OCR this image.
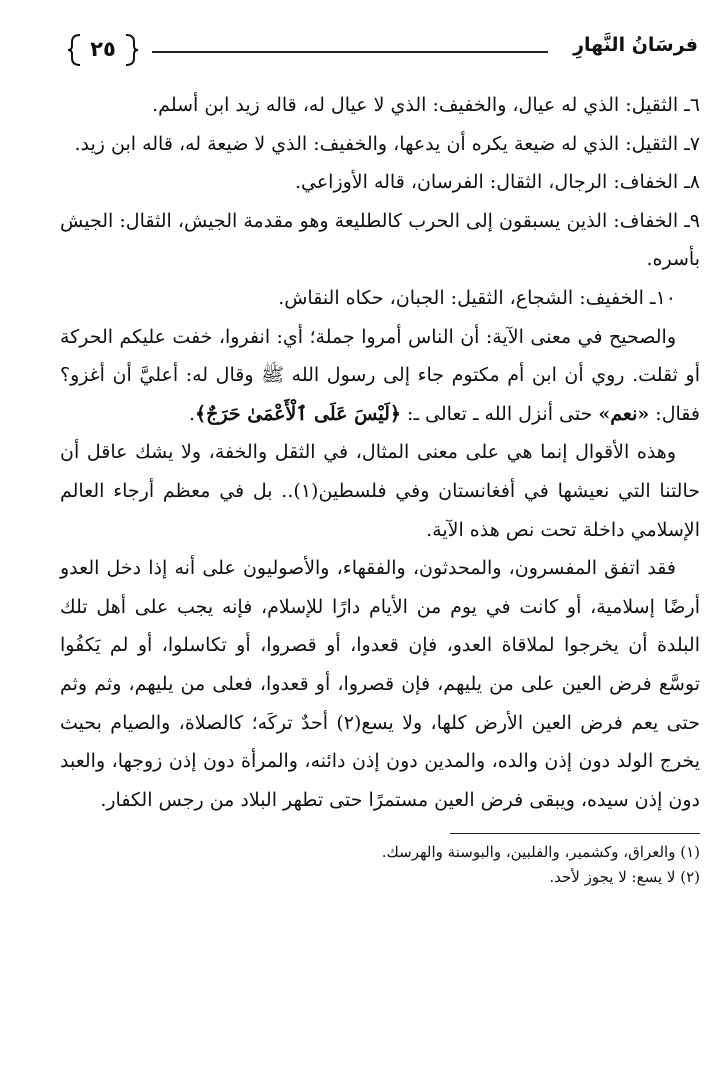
فرسَانُ النَّهارِ
٢٥

٦ـ الثقيل: الذي له عيال، والخفيف: الذي لا عيال له، قاله زيد ابن أسلم.

٧ـ الثقيل: الذي له ضيعة يكره أن يدعها، والخفيف: الذي لا ضيعة له، قاله ابن زيد.

٨ـ الخفاف: الرجال، الثقال: الفرسان، قاله الأوزاعي.

٩ـ الخفاف: الذين يسبقون إلى الحرب كالطليعة وهو مقدمة الجيش، الثقال: الجيش بأسره.

١٠ـ الخفيف: الشجاع، الثقيل: الجبان، حكاه النقاش.

والصحيح في معنى الآية: أن الناس أمروا جملة؛ أي: انفروا، خفت عليكم الحركة أو ثقلت. روي أن ابن أم مكتوم جاء إلى رسول الله ﷺ وقال له: أعليَّ أن أغزو؟ فقال: «نعم» حتى أنزل الله ـ تعالى ـ: ﴿لَيْسَ عَلَى ٱلْأَعْمَىٰ حَرَجٌ﴾.

وهذه الأقوال إنما هي على معنى المثال، في الثقل والخفة، ولا يشك عاقل أن حالتنا التي نعيشها في أفغانستان وفي فلسطين(١).. بل في معظم أرجاء العالم الإسلامي داخلة تحت نص هذه الآية.

فقد اتفق المفسرون، والمحدثون، والفقهاء، والأصوليون على أنه إذا دخل العدو أرضًا إسلامية، أو كانت في يوم من الأيام دارًا للإسلام، فإنه يجب على أهل تلك البلدة أن يخرجوا لملاقاة العدو، فإن قعدوا، أو قصروا، أو تكاسلوا، أو لم يَكفُوا توسَّع فرض العين على من يليهم، فإن قصروا، أو قعدوا، فعلى من يليهم، وثم وثم حتى يعم فرض العين الأرض كلها، ولا يسع(٢) أحدٌ تركَه؛ كالصلاة، والصيام بحيث يخرج الولد دون إذن والده، والمدين دون إذن دائنه، والمرأة دون إذن زوجها، والعبد دون إذن سيده، ويبقى فرض العين مستمرًا حتى تطهر البلاد من رجس الكفار.

(١) والعراق، وكشمير، والفلبين، والبوسنة والهرسك.

(٢) لا يسع: لا يجوز لأحد.
